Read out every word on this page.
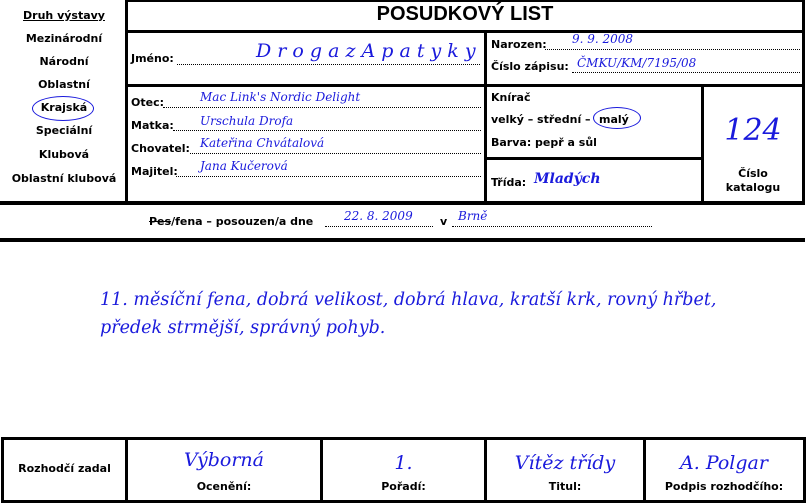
Druh výstavy
Mezinárodní
Národní
Oblastní
Krajská
Speciální
Klubová
Oblastní klubová
POSUDKOVÝ LIST
Jméno:	D r o g a z A p a t y k y Narozen: 9. 9. 2008
Číslo zápisu: ČMKU/KM/7195/08
Otec:	Mac Link's Nordic Delight
Matka: Urschula Drofa
Chovatel: Kateřina Chvátalová
Majitel: Jana Kučerová
Knírač
velký – střední – malý
Barva: pepř a sůl
Třída: Mladých
124
Číslo
katalogu
Pes/fena – posouzen/a dne	22. 8. 2009 v Brně
11. měsíční fena, dobrá velikost, dobrá hlava, kratší krk, rovný hřbet,
předek strmější, správný pohyb.
Rozhodčí zadal	Výborná
Ocenění:
1.
Pořadí:
Vítěz třídy
Titul:
A. Polgar
Podpis rozhodčího:
